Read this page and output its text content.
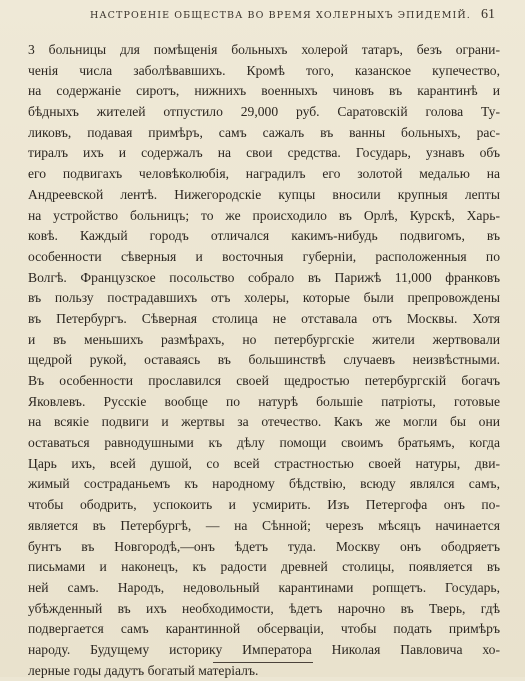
НАСТРОЕНІЕ ОБЩЕСТВА ВО ВРЕМЯ ХОЛЕРНЫХЪ ЭПИДЕМІЙ. 61
3 больницы для помѣщенія больныхъ холерой татаръ, безъ ограни-
ченія числа заболѣвавшихъ. Кромѣ того, казанское купечество,
на содержаніе сиротъ, нижнихъ военныхъ чиновъ въ карантинѣ и
бѣдныхъ жителей отпустило 29,000 руб. Саратовскій голова Ту-
ликовъ, подавая примѣръ, самъ сажалъ въ ванны больныхъ, рас-
тиралъ ихъ и содержалъ на свои средства. Государь, узнавъ объ
его подвигахъ человѣколюбія, наградилъ его золотой медалью на
Андреевской лентѣ. Нижегородскіе купцы вносили крупныя лепты
на устройство больницъ; то же происходило въ Орлѣ, Курскѣ, Харь-
ковѣ. Каждый городъ отличался какимъ-нибудь подвигомъ, въ
особенности сѣверныя и восточныя губерніи, расположенныя по
Волгѣ. Французское посольство собрало въ Парижѣ 11,000 франковъ
въ пользу пострадавшихъ отъ холеры, которые были препровождены
въ Петербургъ. Сѣверная столица не отставала отъ Москвы. Хотя
и въ меньшихъ размѣрахъ, но петербургскіе жители жертвовали
щедрой рукой, оставаясь въ большинствѣ случаевъ неизвѣстными.
Въ особенности прославился своей щедростью петербургскій богачъ
Яковлевъ. Русскіе вообще по натурѣ большіе патріоты, готовые
на всякіе подвиги и жертвы за отечество. Какъ же могли бы они
оставаться равнодушными къ дѣлу помощи своимъ братьямъ, когда
Царь ихъ, всей душой, со всей страстностью своей натуры, дви-
жимый состраданьемъ къ народному бѣдствію, всюду являлся самъ,
чтобы ободрить, успокоить и усмирить. Изъ Петергофа онъ по-
является въ Петербургѣ, — на Сѣнной; черезъ мѣсяцъ начинается
бунтъ въ Новгородѣ,—онъ ѣдетъ туда. Москву онъ ободряетъ
письмами и наконецъ, къ радости древней столицы, появляется въ
ней самъ. Народъ, недовольный карантинами ропщетъ. Государь,
убѣжденный въ ихъ необходимости, ѣдетъ нарочно въ Тверь, гдѣ
подвергается самъ карантинной обсерваціи, чтобы подать примѣръ
народу. Будущему историку Императора Николая Павловича хо-
лерные годы дадутъ богатый матеріалъ.
